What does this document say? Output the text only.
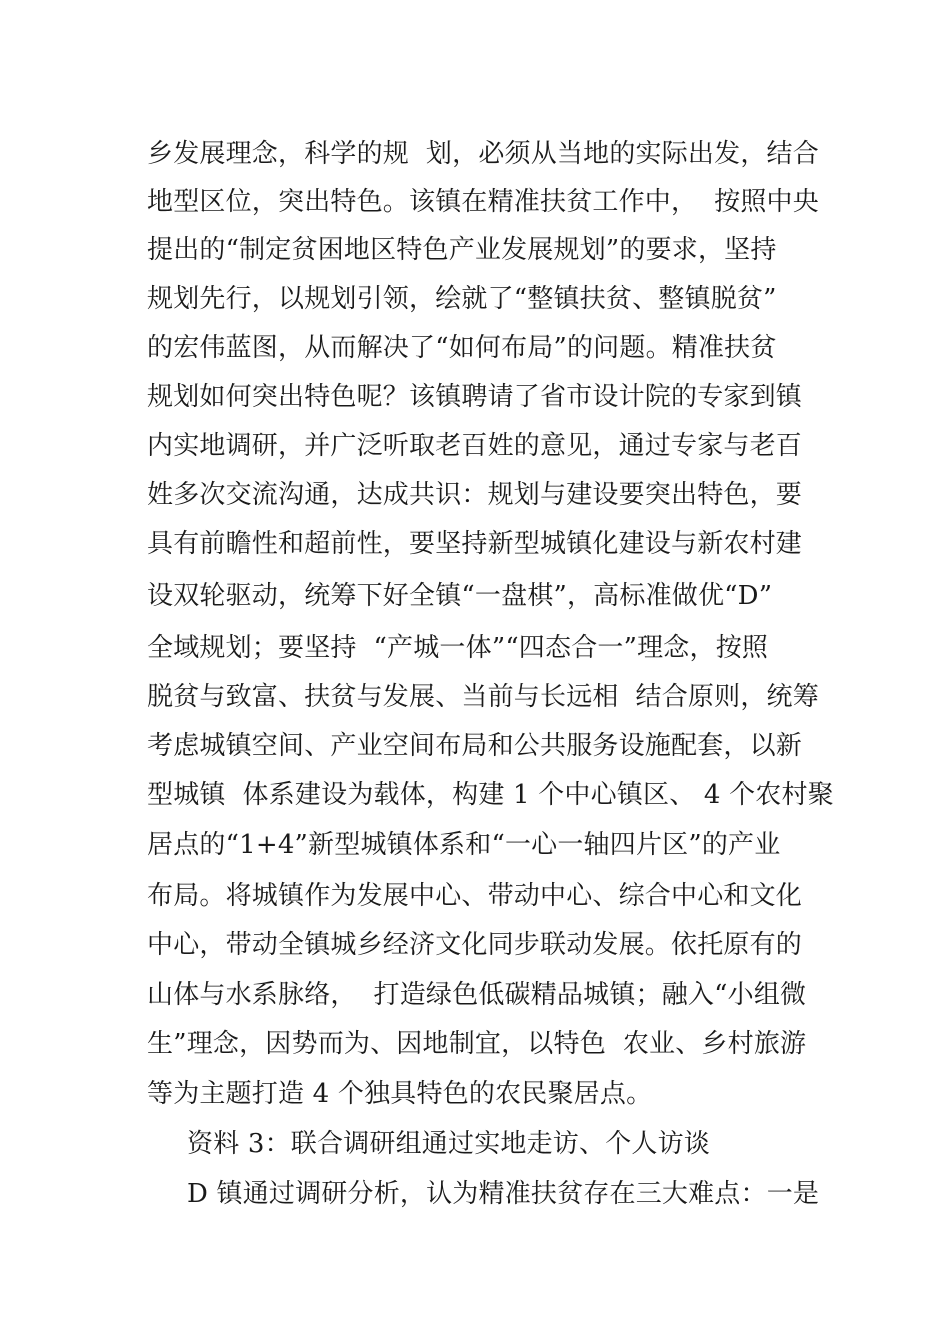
乡发展理念，科学的规  划，必须从当地的实际出发，结合
地型区位，突出特色。该镇在精准扶贫工作中，  按照中央
提出的“制定贫困地区特色产业发展规划”的要求，坚持
规划先行，以规划引领，绘就了“整镇扶贫、整镇脱贫”
的宏伟蓝图，从而解决了“如何布局”的问题。精准扶贫
规划如何突出特色呢？该镇聘请了省市设计院的专家到镇
内实地调研，并广泛听取老百姓的意见，通过专家与老百
姓多次交流沟通，达成共识：规划与建设要突出特色，要
具有前瞻性和超前性，要坚持新型城镇化建设与新农村建
设双轮驱动，统筹下好全镇“一盘棋”，高标准做优“D”
全域规划；要坚持  “产城一体”“四态合一”理念，按照
脱贫与致富、扶贫与发展、当前与长远相  结合原则，统筹
考虑城镇空间、产业空间布局和公共服务设施配套，以新
型城镇  体系建设为载体，构建 1 个中心镇区、 4 个农村聚
居点的“1+4”新型城镇体系和“一心一轴四片区”的产业
布局。将城镇作为发展中心、带动中心、综合中心和文化
中心，带动全镇城乡经济文化同步联动发展。依托原有的
山体与水系脉络，  打造绿色低碳精品城镇；融入“小组微
生”理念，因势而为、因地制宜，以特色  农业、乡村旅游
等为主题打造 4 个独具特色的农民聚居点。
资料 3：联合调研组通过实地走访、个人访谈
D 镇通过调研分析，认为精准扶贫存在三大难点：一是
